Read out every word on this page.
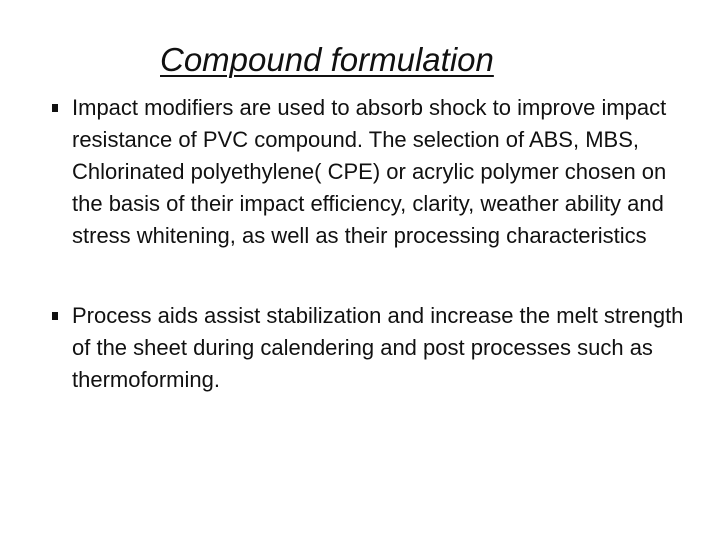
Compound formulation
Impact modifiers are used to absorb shock to improve impact resistance of PVC compound. The selection of ABS, MBS, Chlorinated polyethylene( CPE) or acrylic polymer chosen on the basis of their impact efficiency, clarity, weather ability and stress whitening, as well as their processing characteristics
Process aids assist stabilization and increase the melt strength of the sheet during calendering and post processes such as thermoforming.
